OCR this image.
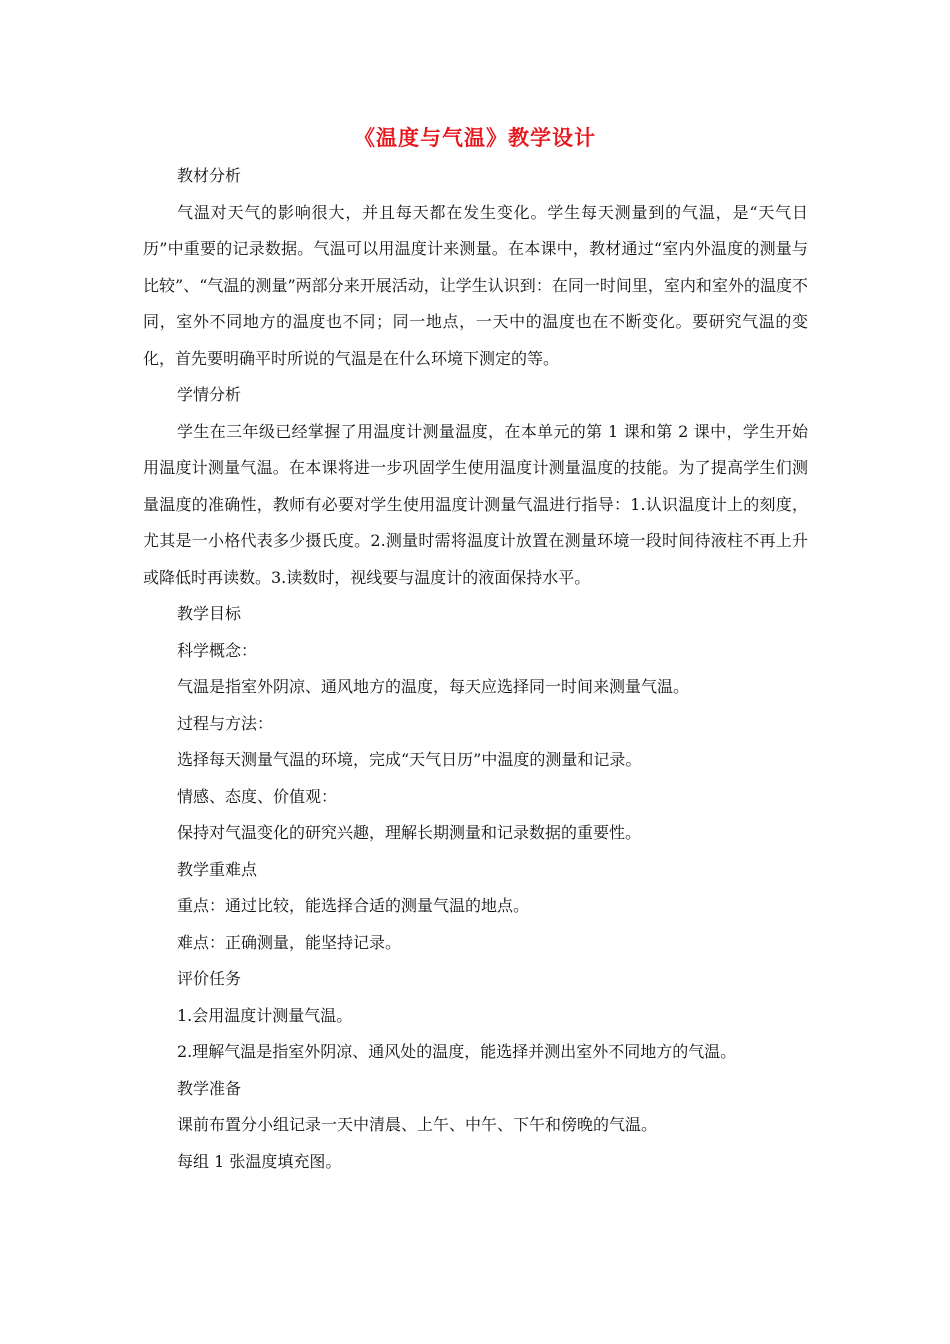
《温度与气温》教学设计

教材分析

气温对天气的影响很大，并且每天都在发生变化。学生每天测量到的气温，是“天气日历”中重要的记录数据。气温可以用温度计来测量。在本课中，教材通过“室内外温度的测量与比较”、“气温的测量”两部分来开展活动，让学生认识到：在同一时间里，室内和室外的温度不同，室外不同地方的温度也不同；同一地点，一天中的温度也在不断变化。要研究气温的变化，首先要明确平时所说的气温是在什么环境下测定的等。

学情分析

学生在三年级已经掌握了用温度计测量温度，在本单元的第 1 课和第 2 课中，学生开始用温度计测量气温。在本课将进一步巩固学生使用温度计测量温度的技能。为了提高学生们测量温度的准确性，教师有必要对学生使用温度计测量气温进行指导：1.认识温度计上的刻度，尤其是一小格代表多少摄氏度。2.测量时需将温度计放置在测量环境一段时间待液柱不再上升或降低时再读数。3.读数时，视线要与温度计的液面保持水平。

教学目标

科学概念：

气温是指室外阴凉、通风地方的温度，每天应选择同一时间来测量气温。

过程与方法：

选择每天测量气温的环境，完成“天气日历”中温度的测量和记录。

情感、态度、价值观：

保持对气温变化的研究兴趣，理解长期测量和记录数据的重要性。

教学重难点

重点：通过比较，能选择合适的测量气温的地点。

难点：正确测量，能坚持记录。

评价任务

1.会用温度计测量气温。

2.理解气温是指室外阴凉、通风处的温度，能选择并测出室外不同地方的气温。

教学准备

课前布置分小组记录一天中清晨、上午、中午、下午和傍晚的气温。

每组 1 张温度填充图。
